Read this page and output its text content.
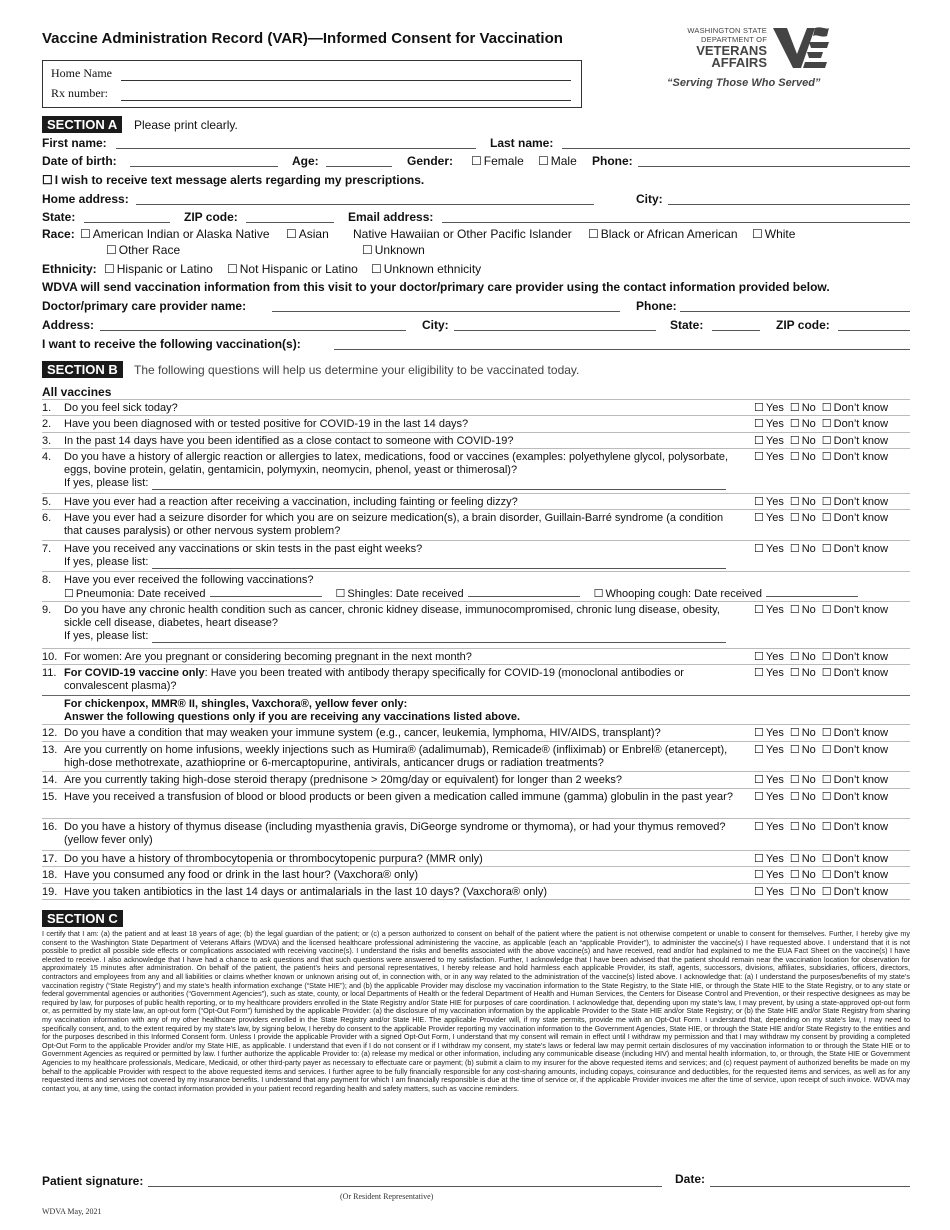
Vaccine Administration Record (VAR)—Informed Consent for Vaccination	WASHINGTON STATE
DEPARTMENT OF
VETERANS
AFFAIRS
“Serving Those Who Served”
Home Name
Rx number:
SECTION A	Please print clearly.
First name:	Last name:
Date of birth:	Age:	Gender:	☐ Female	☐ Male Phone:
☐ I wish to receive text message alerts regarding my prescriptions.
Home address:	City:
State:	ZIP code:	Email address:
Race:	☐ American Indian or Alaska Native	☐ Asian Native Hawaiian or Other Pacific Islander	☐ Black or African American	☐ White
☐ Other Race	☐ Unknown
Ethnicity:	☐ Hispanic or Latino	☐ Not Hispanic or Latino	☐ Unknown ethnicity
WDVA will send vaccination information from this visit to your doctor/primary care provider using the contact information provided below.
Doctor/primary care provider name:	Phone:
Address:	City:	State:	ZIP code:
I want to receive the following vaccination(s):
SECTION B	The following questions will help us determine your eligibility to be vaccinated today.
All vaccines
1.	Do you feel sick today?	☐ Yes ☐ No ☐ Don’t know
2.	Have you been diagnosed with or tested positive for COVID-19 in the last 14 days?	☐ Yes ☐ No ☐ Don’t know
3.	In the past 14 days have you been identified as a close contact to someone with COVID-19?	☐ Yes ☐ No ☐ Don’t know
4.	Do you have a history of allergic reaction or allergies to latex, medications, food or vaccines (examples: polyethylene glycol, polysorbate, eggs, bovine protein, gelatin, gentamicin, polymyxin, neomycin, phenol, yeast or thimerosal)?
If yes, please list:
☐ Yes ☐ No ☐ Don’t know
5.	Have you ever had a reaction after receiving a vaccination, including fainting or feeling dizzy?	☐ Yes ☐ No ☐ Don’t know
6.	Have you ever had a seizure disorder for which you are on seizure medication(s), a brain disorder, Guillain-Barré syndrome (a condition that causes paralysis) or other nervous system problem?
☐ Yes ☐ No ☐ Don’t know
7.	Have you received any vaccinations or skin tests in the past eight weeks?
If yes, please list:
☐ Yes ☐ No ☐ Don’t know
8.	Have you ever received the following vaccinations?
☐ Pneumonia: Date received	☐ Shingles: Date received	☐ Whooping cough: Date received
9.	Do you have any chronic health condition such as cancer, chronic kidney disease, immunocompromised, chronic lung disease, obesity, sickle cell disease, diabetes, heart disease?
If yes, please list:
☐ Yes ☐ No ☐ Don’t know
10. For women: Are you pregnant or considering becoming pregnant in the next month?	☐ Yes ☐ No ☐ Don’t know
11. For COVID-19 vaccine only: Have you been treated with antibody therapy specifically for COVID-19 (monoclonal antibodies or convalescent plasma)?
☐ Yes ☐ No ☐ Don’t know
For chickenpox, MMR® II, shingles, Vaxchora®, yellow fever only:
Answer the following questions only if you are receiving any vaccinations listed above.
12. Do you have a condition that may weaken your immune system (e.g., cancer, leukemia, lymphoma, HIV/AIDS, transplant)?	☐ Yes ☐ No ☐ Don’t know
13. Are you currently on home infusions, weekly injections such as Humira® (adalimumab), Remicade® (infliximab) or Enbrel® (etanercept), high-dose methotrexate, azathioprine or 6-mercaptopurine, antivirals, anticancer drugs or radiation treatments?
☐ Yes ☐ No ☐ Don’t know
14. Are you currently taking high-dose steroid therapy (prednisone > 20mg/day or equivalent) for longer than 2 weeks?	☐ Yes ☐ No ☐ Don’t know
15. Have you received a transfusion of blood or blood products or been given a medication called immune (gamma) globulin in the past year?	☐ Yes ☐ No ☐ Don’t know
16. Do you have a history of thymus disease (including myasthenia gravis, DiGeorge syndrome or thymoma), or had your thymus removed? (yellow fever only)
☐ Yes ☐ No ☐ Don’t know
17. Do you have a history of thrombocytopenia or thrombocytopenic purpura? (MMR only)	☐ Yes ☐ No ☐ Don’t know
18. Have you consumed any food or drink in the last hour? (Vaxchora® only)	☐ Yes ☐ No ☐ Don’t know
19. Have you taken antibiotics in the last 14 days or antimalarials in the last 10 days? (Vaxchora® only)	☐ Yes ☐ No ☐ Don’t know
SECTION C
I certify that I am: (a) the patient and at least 18 years of age; (b) the legal guardian of the patient; or (c) a person authorized to consent on behalf of the patient where the patient is not otherwise competent or unable to consent for themselves. Further, I hereby give my consent to the Washington State Department of Veterans Affairs (WDVA) and the licensed healthcare professional administering the vaccine, as applicable (each an “applicable Provider”), to administer the vaccine(s) I have requested above. I understand that it is not possible to predict all possible side effects or complications associated with receiving vaccine(s). I understand the risks and benefits associated with the above vaccine(s) and have received, read and/or had explained to me the EUA Fact Sheet on the vaccine(s) I have elected to receive. I also acknowledge that I have had a chance to ask questions and that such questions were answered to my satisfaction. Further, I acknowledge that I have been advised that the patient should remain near the vaccination location for observation for approximately 15 minutes after administration. On behalf of the patient, the patient’s heirs and personal representatives, I hereby release and hold harmless each applicable Provider, its staff, agents, successors, divisions, affiliates, subsidiaries, officers, directors, contractors and employees from any and all liabilities or claims whether known or unknown arising out of, in connection with, or in any way related to the administration of the vaccine(s) listed above. I acknowledge that: (a) I understand the purposes/benefits of my state’s vaccination registry (“State Registry”) and my state’s health information exchange (“State HIE”); and (b) the applicable Provider may disclose my vaccination information to the State Registry, to the State HIE, or through the State HIE to the State Registry, or to any state or federal governmental agencies or authorities (“Government Agencies”), such as state, county, or local Departments of Health or the federal Department of Health and Human Services, the Centers for Disease Control and Prevention, or their respective designees as may be required by law, for purposes of public health reporting, or to my healthcare providers enrolled in the State Registry and/or State HIE for purposes of care coordination. I acknowledge that, depending upon my state’s law, I may prevent, by using a state-approved opt-out form or, as permitted by my state law, an opt-out form (“Opt-Out Form”) furnished by the applicable Provider: (a) the disclosure of my vaccination information by the applicable Provider to the State HIE and/or State Registry; or (b) the State HIE and/or State Registry from sharing my vaccination information with any of my other healthcare providers enrolled in the State Registry and/or State HIE. The applicable Provider will, if my state permits, provide me with an Opt-Out Form. I understand that, depending on my state’s law, I may need to specifically consent, and, to the extent required by my state’s law, by signing below, I hereby do consent to the applicable Provider reporting my vaccination information to the Government Agencies, State HIE, or through the State HIE and/or State Registry to the entities and for the purposes described in this Informed Consent form. Unless I provide the applicable Provider with a signed Opt-Out Form, I understand that my consent will remain in effect until I withdraw my permission and that I may withdraw my consent by providing a completed Opt-Out Form to the applicable Provider and/or my State HIE, as applicable. I understand that even if I do not consent or if I withdraw my consent, my state’s laws or federal law may permit certain disclosures of my vaccination information to or through the State HIE or to Government Agencies as required or permitted by law. I further authorize the applicable Provider to: (a) release my medical or other information, including any communicable disease (including HIV) and mental health information, to, or through, the State HIE or Government Agencies to my healthcare professionals, Medicare, Medicaid, or other third-party payer as necessary to effectuate care or payment; (b) submit a claim to my insurer for the above requested items and services; and (c) request payment of authorized benefits be made on my behalf to the applicable Provider with respect to the above requested items and services. I further agree to be fully financially responsible for any cost-sharing amounts, including copays, coinsurance and deductibles, for the requested items and services, as well as for any requested items and services not covered by my insurance benefits. I understand that any payment for which I am financially responsible is due at the time of service or, if the applicable Provider invoices me after the time of service, upon receipt of such invoice. WDVA may contact you, at any time, using the contact information provided in your patient record regarding health and safety matters, such as vaccine reminders.
Patient signature:	Date:
(Or Resident Representative)
WDVA May, 2021
